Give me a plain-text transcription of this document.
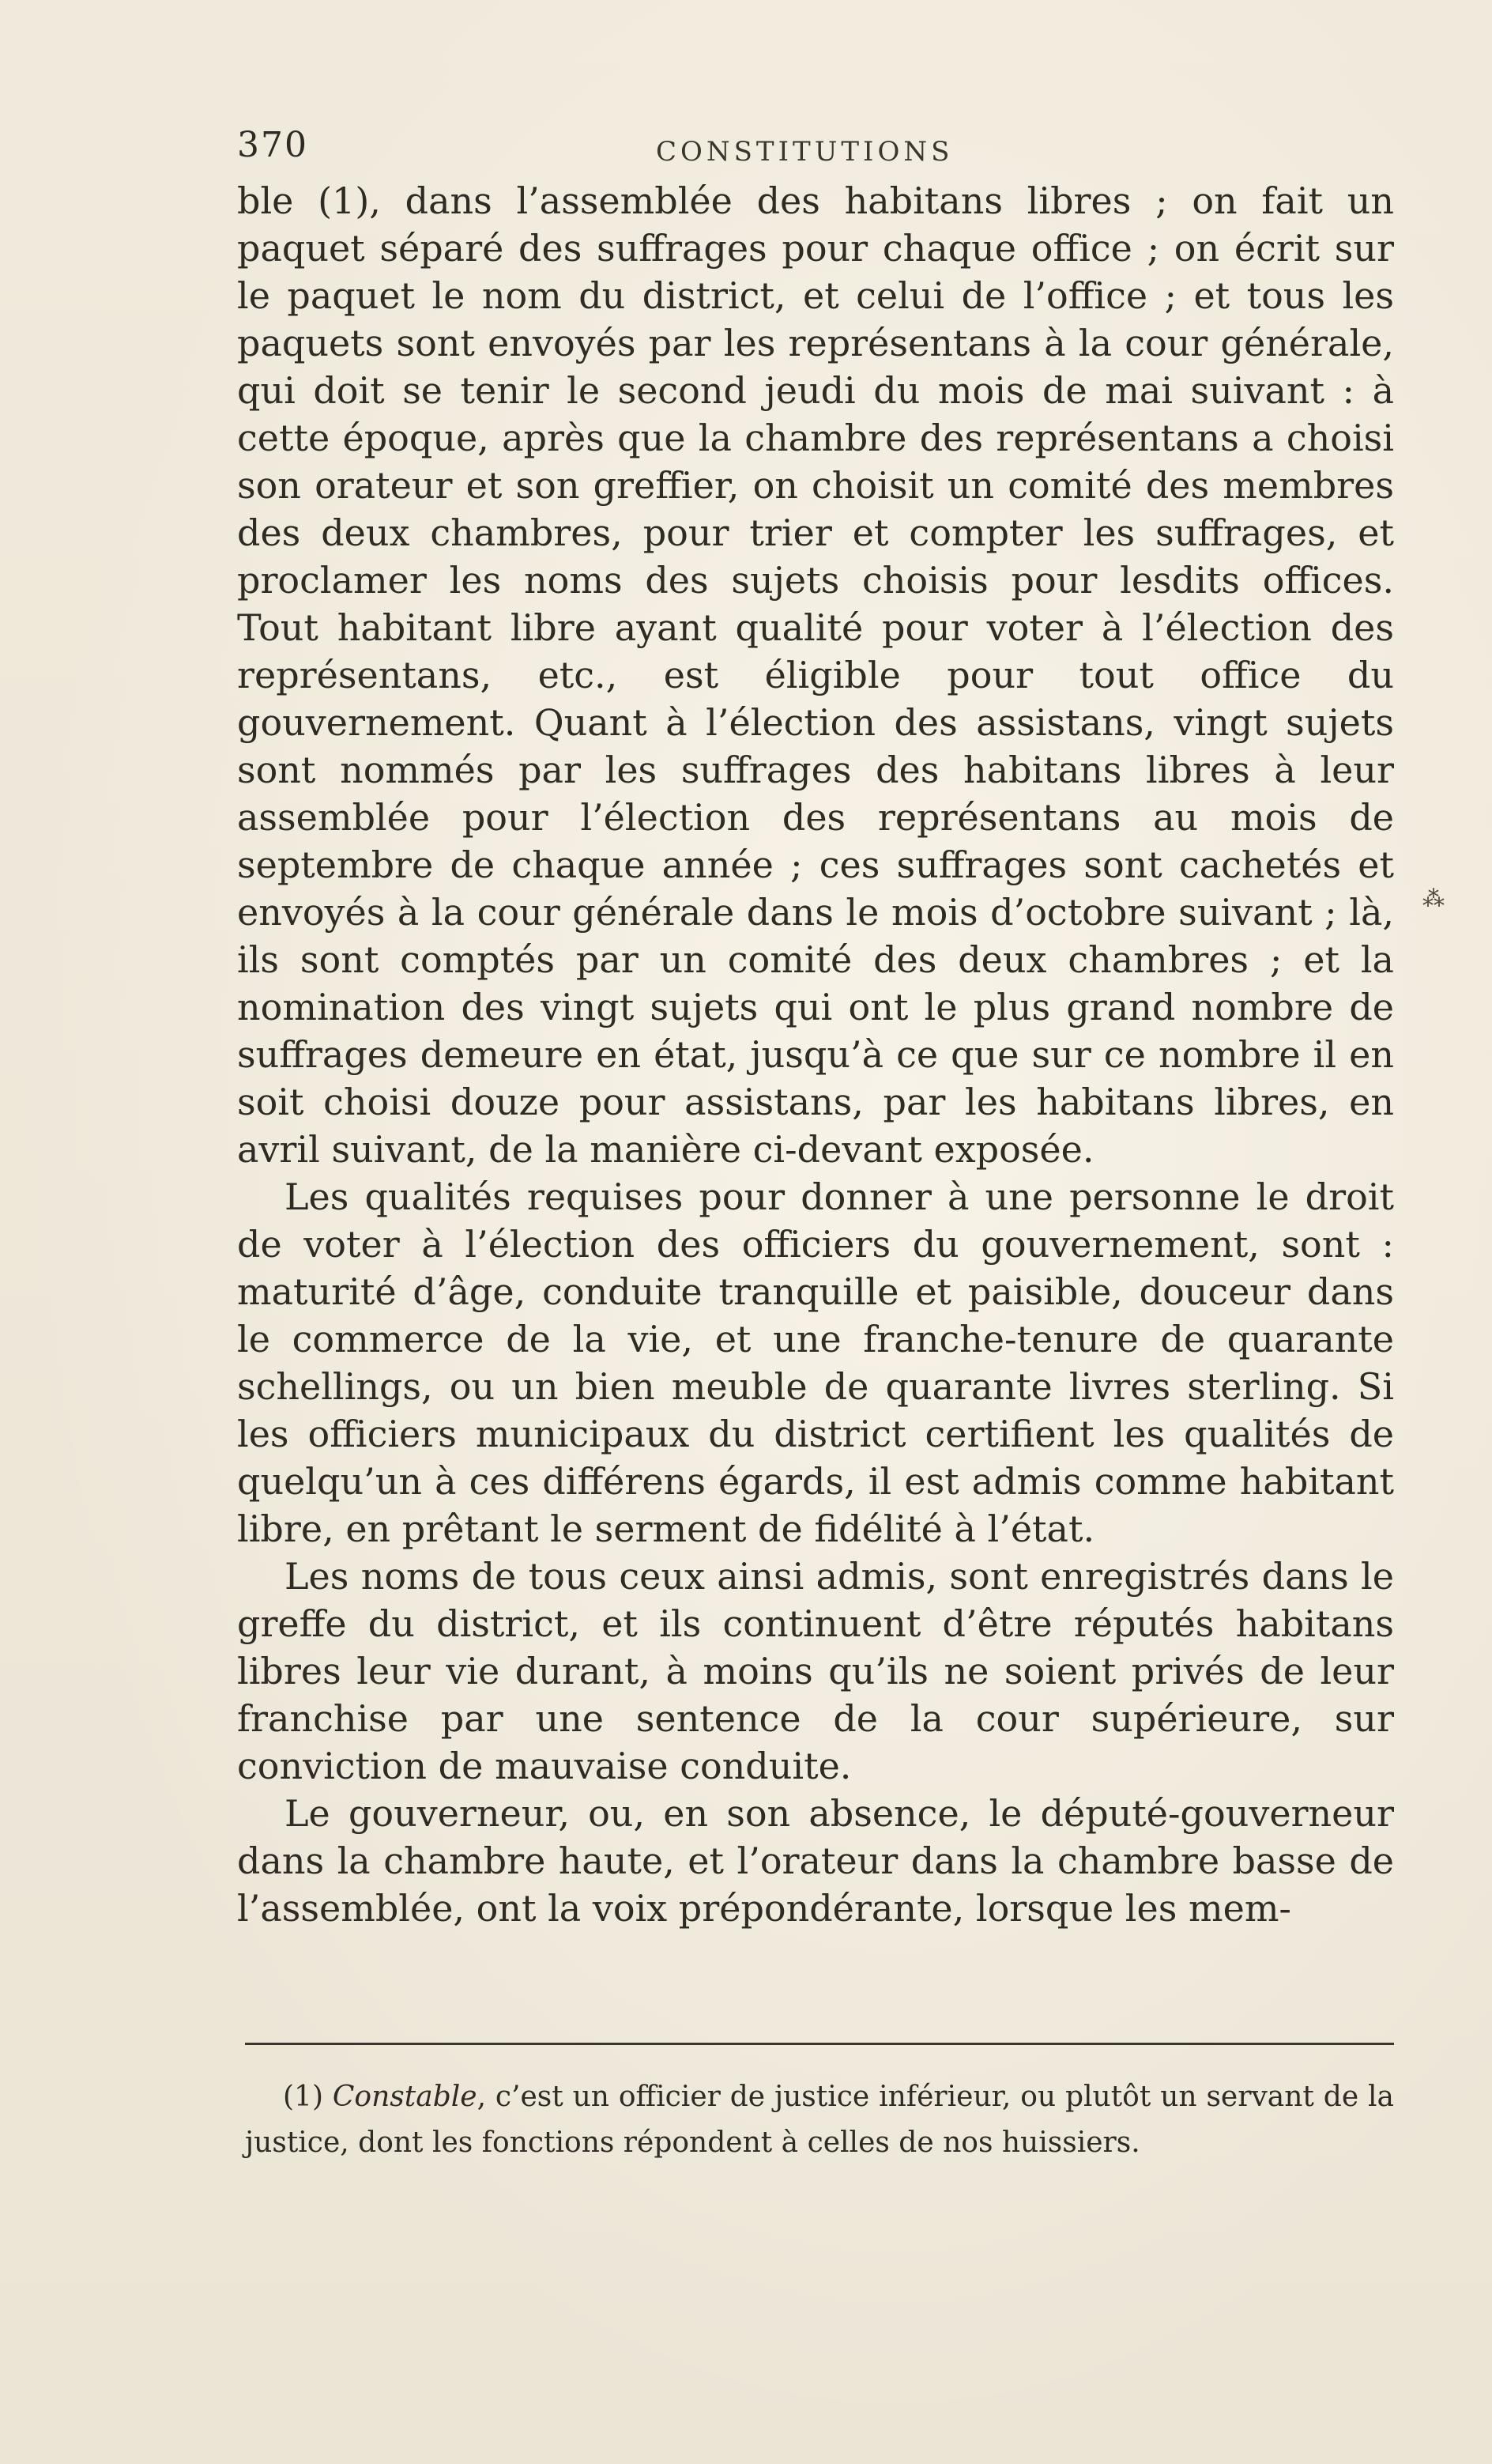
370	CONSTITUTIONS

ble (1), dans l’assemblée des habitans libres ; on fait un paquet séparé des suffrages pour chaque office ; on écrit sur le paquet le nom du district, et celui de l’office ; et tous les paquets sont envoyés par les représentans à la cour générale, qui doit se tenir le second jeudi du mois de mai suivant : à cette époque, après que la chambre des représentans a choisi son orateur et son greffier, on choisit un comité des membres des deux chambres, pour trier et compter les suffrages, et proclamer les noms des sujets choisis pour lesdits offices. Tout habitant libre ayant qualité pour voter à l’élection des représentans, etc., est éligible pour tout office du gouvernement. Quant à l’élection des assistans, vingt sujets sont nommés par les suffrages des habitans libres à leur assemblée pour l’élection des représentans au mois de septembre de chaque année ; ces suffrages sont cachetés et envoyés à la cour générale dans le mois d’octobre suivant ; là, ils sont comptés par un comité des deux chambres ; et la nomination des vingt sujets qui ont le plus grand nombre de suffrages demeure en état, jusqu’à ce que sur ce nombre il en soit choisi douze pour assistans, par les habitans libres, en avril suivant, de la manière ci-devant exposée.

Les qualités requises pour donner à une personne le droit de voter à l’élection des officiers du gouvernement, sont : maturité d’âge, conduite tranquille et paisible, douceur dans le commerce de la vie, et une franche-tenure de quarante schellings, ou un bien meuble de quarante livres sterling. Si les officiers municipaux du district certifient les qualités de quelqu’un à ces différens égards, il est admis comme habitant libre, en prêtant le serment de fidélité à l’état.

Les noms de tous ceux ainsi admis, sont enregistrés dans le greffe du district, et ils continuent d’être réputés habitans libres leur vie durant, à moins qu’ils ne soient privés de leur franchise par une sentence de la cour supérieure, sur conviction de mauvaise conduite.

Le gouverneur, ou, en son absence, le député-gouverneur dans la chambre haute, et l’orateur dans la chambre basse de l’assemblée, ont la voix prépondérante, lorsque les mem-

⁂

(1) Constable, c’est un officier de justice inférieur, ou plutôt un servant de la justice, dont les fonctions répondent à celles de nos huissiers.
